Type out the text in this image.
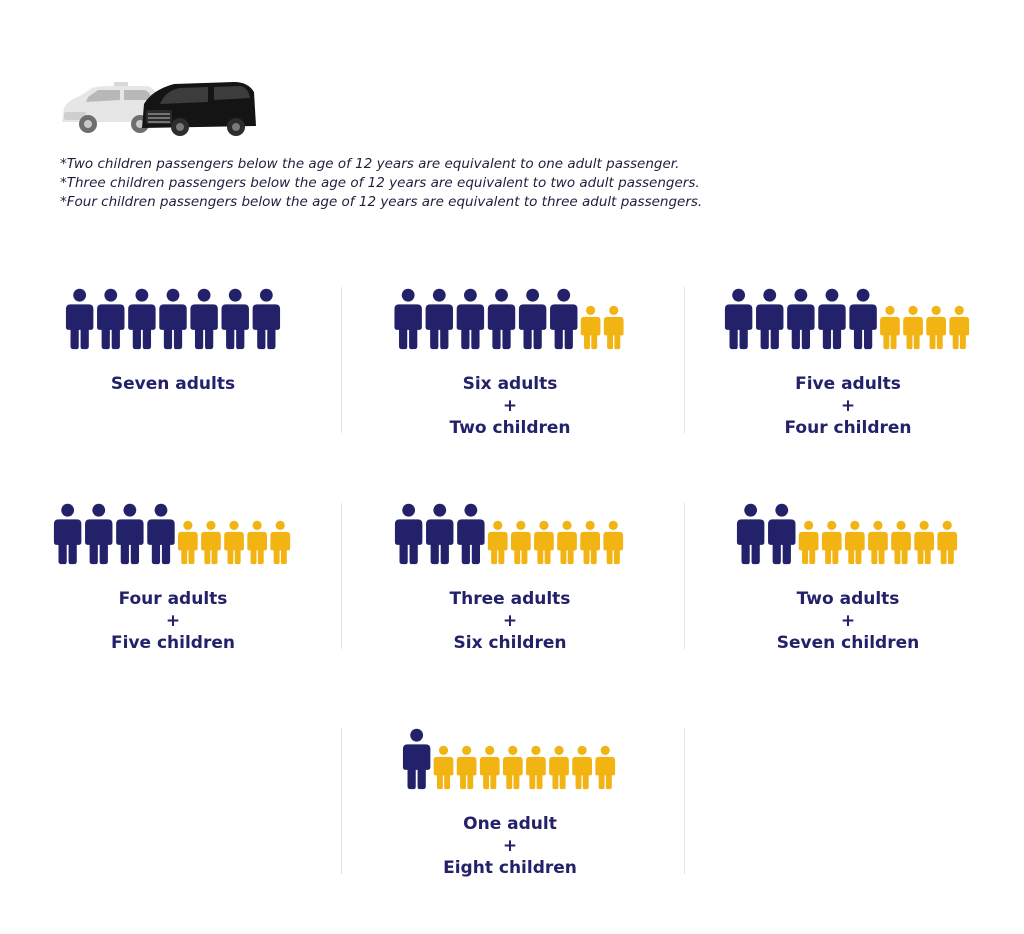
*Two children passengers below the age of 12 years are equivalent to one adult passenger.
*Three children passengers below the age of 12 years are equivalent to two adult passengers.
*Four children passengers below the age of 12 years are equivalent to three adult passengers.
Seven adults	Six adults
+
Two children
Five adults
+
Four children
Four adults
+
Five children
Three adults
+
Six children
Two adults
+
Seven children
One adult
+
Eight children
